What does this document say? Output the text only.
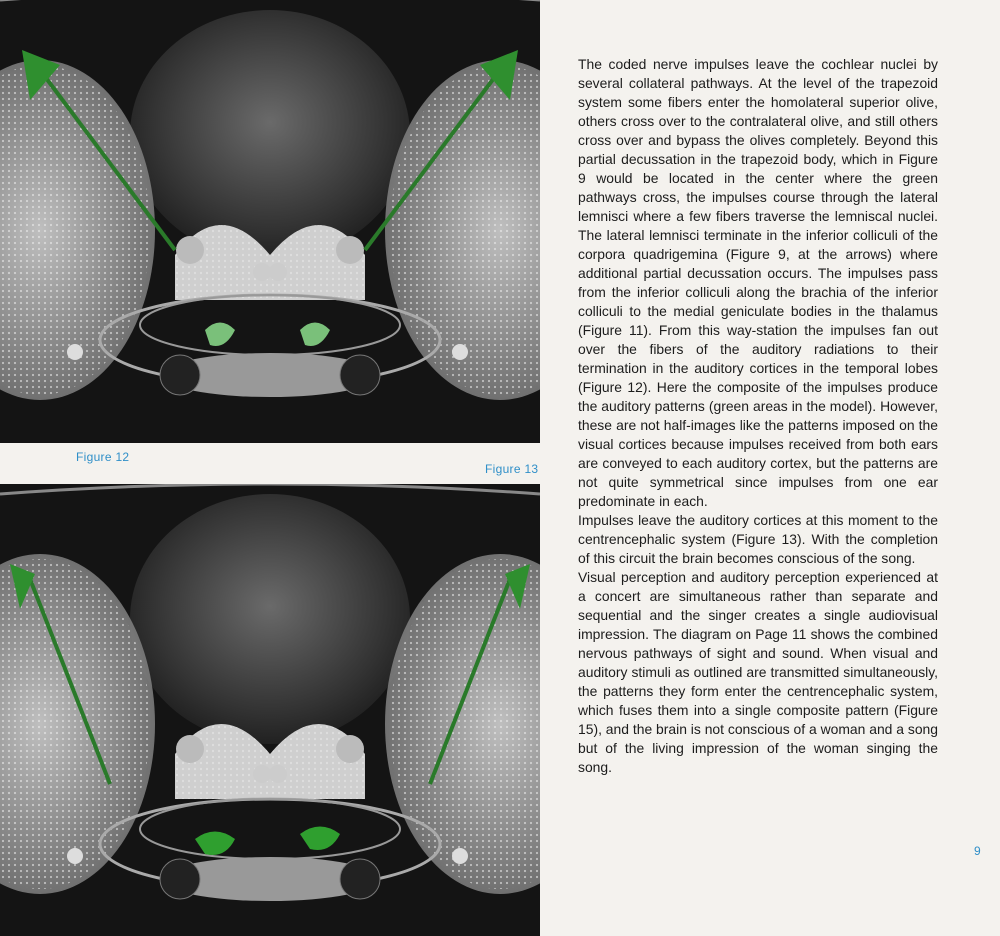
Figure 12
Figure 13

The coded nerve impulses leave the cochlear nuclei by several collateral pathways. At the level of the trapezoid system some fibers enter the homolateral superior olive, others cross over to the contralateral olive, and still others cross over and bypass the olives completely. Beyond this partial decussation in the trapezoid body, which in Figure 9 would be located in the center where the green pathways cross, the impulses course through the lateral lemnisci where a few fibers traverse the lemniscal nuclei. The lateral lemnisci terminate in the inferior colliculi of the corpora quadrigemina (Figure 9, at the arrows) where additional partial decussation occurs. The impulses pass from the inferior colliculi along the brachia of the inferior colliculi to the medial geniculate bodies in the thalamus (Figure 11). From this way-station the impulses fan out over the fibers of the auditory radiations to their termination in the auditory cortices in the temporal lobes (Figure 12). Here the composite of the impulses produce the auditory patterns (green areas in the model). However, these are not half-images like the patterns imposed on the visual cortices because impulses received from both ears are conveyed to each auditory cortex, but the patterns are not quite symmetrical since impulses from one ear predominate in each.

Impulses leave the auditory cortices at this moment to the centrencephalic system (Figure 13). With the completion of this circuit the brain becomes conscious of the song.

Visual perception and auditory perception experienced at a concert are simultaneous rather than separate and sequential and the singer creates a single audiovisual impression. The diagram on Page 11 shows the combined nervous pathways of sight and sound. When visual and auditory stimuli as outlined are transmitted simultaneously, the patterns they form enter the centrencephalic system, which fuses them into a single composite pattern (Figure 15), and the brain is not conscious of a woman and a song but of the living impression of the woman singing the song.

9
